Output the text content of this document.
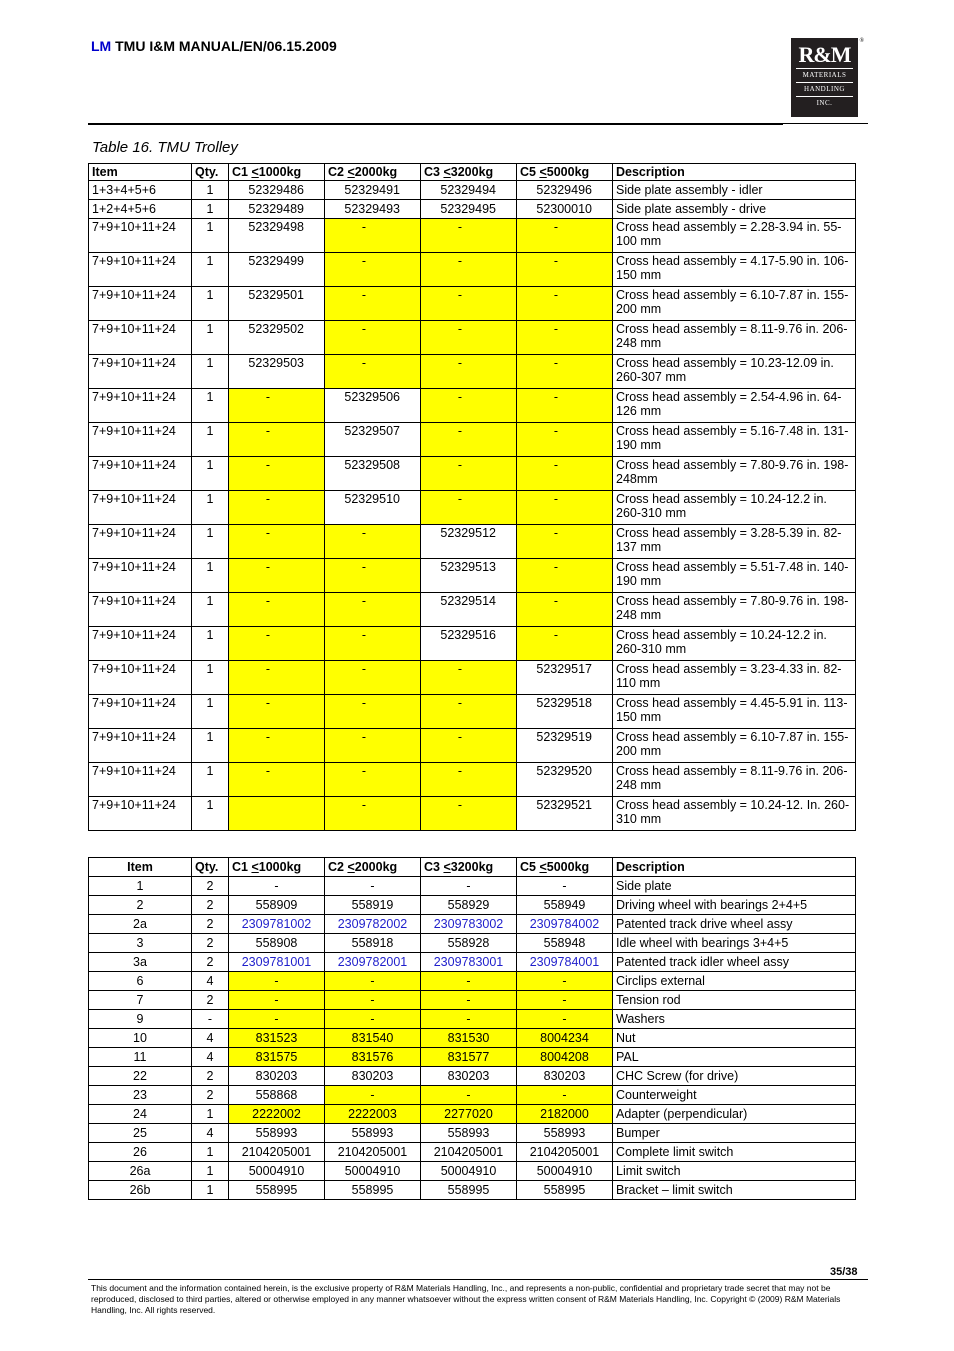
LM TMU I&M MANUAL/EN/06.15.2009	R&M
MATERIALS
HANDLING
INC.
®
Table 16. TMU Trolley
Item	Qty.	C1 <1000kg	C2 <2000kg	C3 <3200kg	C5 <5000kg	Description
1+3+4+5+6	1	52329486	52329491	52329494	52329496	Side plate assembly - idler
1+2+4+5+6	1	52329489	52329493	52329495	52300010	Side plate assembly - drive
7+9+10+11+24	1	52329498	-	-	-	Cross head assembly = 2.28-3.94 in. 55-100 mm
7+9+10+11+24	1	52329499	-	-	-	Cross head assembly = 4.17-5.90 in. 106-150 mm
7+9+10+11+24	1	52329501	-	-	-	Cross head assembly = 6.10-7.87 in. 155-200 mm
7+9+10+11+24	1	52329502	-	-	-	Cross head assembly = 8.11-9.76 in. 206-248 mm
7+9+10+11+24	1	52329503	-	-	-	Cross head assembly = 10.23-12.09 in. 260-307 mm
7+9+10+11+24	1	-	52329506	-	-	Cross head assembly = 2.54-4.96 in. 64-126 mm
7+9+10+11+24	1	-	52329507	-	-	Cross head assembly = 5.16-7.48 in. 131-190 mm
7+9+10+11+24	1	-	52329508	-	-	Cross head assembly = 7.80-9.76 in. 198-248mm
7+9+10+11+24	1	-	52329510	-	-	Cross head assembly = 10.24-12.2 in. 260-310 mm
7+9+10+11+24	1	-	-	52329512	-	Cross head assembly = 3.28-5.39 in. 82-137 mm
7+9+10+11+24	1	-	-	52329513	-	Cross head assembly = 5.51-7.48 in. 140-190 mm
7+9+10+11+24	1	-	-	52329514	-	Cross head assembly = 7.80-9.76 in. 198-248 mm
7+9+10+11+24	1	-	-	52329516	-	Cross head assembly = 10.24-12.2 in. 260-310 mm
7+9+10+11+24	1	-	-	-	52329517	Cross head assembly = 3.23-4.33 in. 82-110 mm
7+9+10+11+24	1	-	-	-	52329518	Cross head assembly = 4.45-5.91 in. 113-150 mm
7+9+10+11+24	1	-	-	-	52329519	Cross head assembly = 6.10-7.87 in. 155-200 mm
7+9+10+11+24	1	-	-	-	52329520	Cross head assembly = 8.11-9.76 in. 206-248 mm
7+9+10+11+24	1		-	-	52329521	Cross head assembly = 10.24-12. In. 260-310 mm
Item	Qty.	C1 <1000kg	C2 <2000kg	C3 <3200kg	C5 <5000kg	Description
1	2	-	-	-	-	Side plate
2	2	558909	558919	558929	558949	Driving wheel with bearings 2+4+5
2a	2	2309781002	2309782002	2309783002	2309784002	Patented track drive wheel assy
3	2	558908	558918	558928	558948	Idle wheel with bearings 3+4+5
3a	2	2309781001	2309782001	2309783001	2309784001	Patented track idler wheel assy
6	4	-	-	-	-	Circlips external
7	2	-	-	-	-	Tension rod
9	-	-	-	-	-	Washers
10	4	831523	831540	831530	8004234	Nut
11	4	831575	831576	831577	8004208	PAL
22	2	830203	830203	830203	830203	CHC Screw (for drive)
23	2	558868	-	-	-	Counterweight
24	1	2222002	2222003	2277020	2182000	Adapter (perpendicular)
25	4	558993	558993	558993	558993	Bumper
26	1	2104205001	2104205001	2104205001	2104205001	Complete limit switch
26a	1	50004910	50004910	50004910	50004910	Limit switch
26b	1	558995	558995	558995	558995	Bracket – limit switch
35/38
This document and the information contained herein, is the exclusive property of R&M Materials Handling, Inc., and represents a non-public, confidential and proprietary trade secret that may not be reproduced, disclosed to third parties, altered or otherwise employed in any manner whatsoever without the express written consent of R&M Materials Handling, Inc. Copyright © (2009) R&M Materials Handling, Inc. All rights reserved.
